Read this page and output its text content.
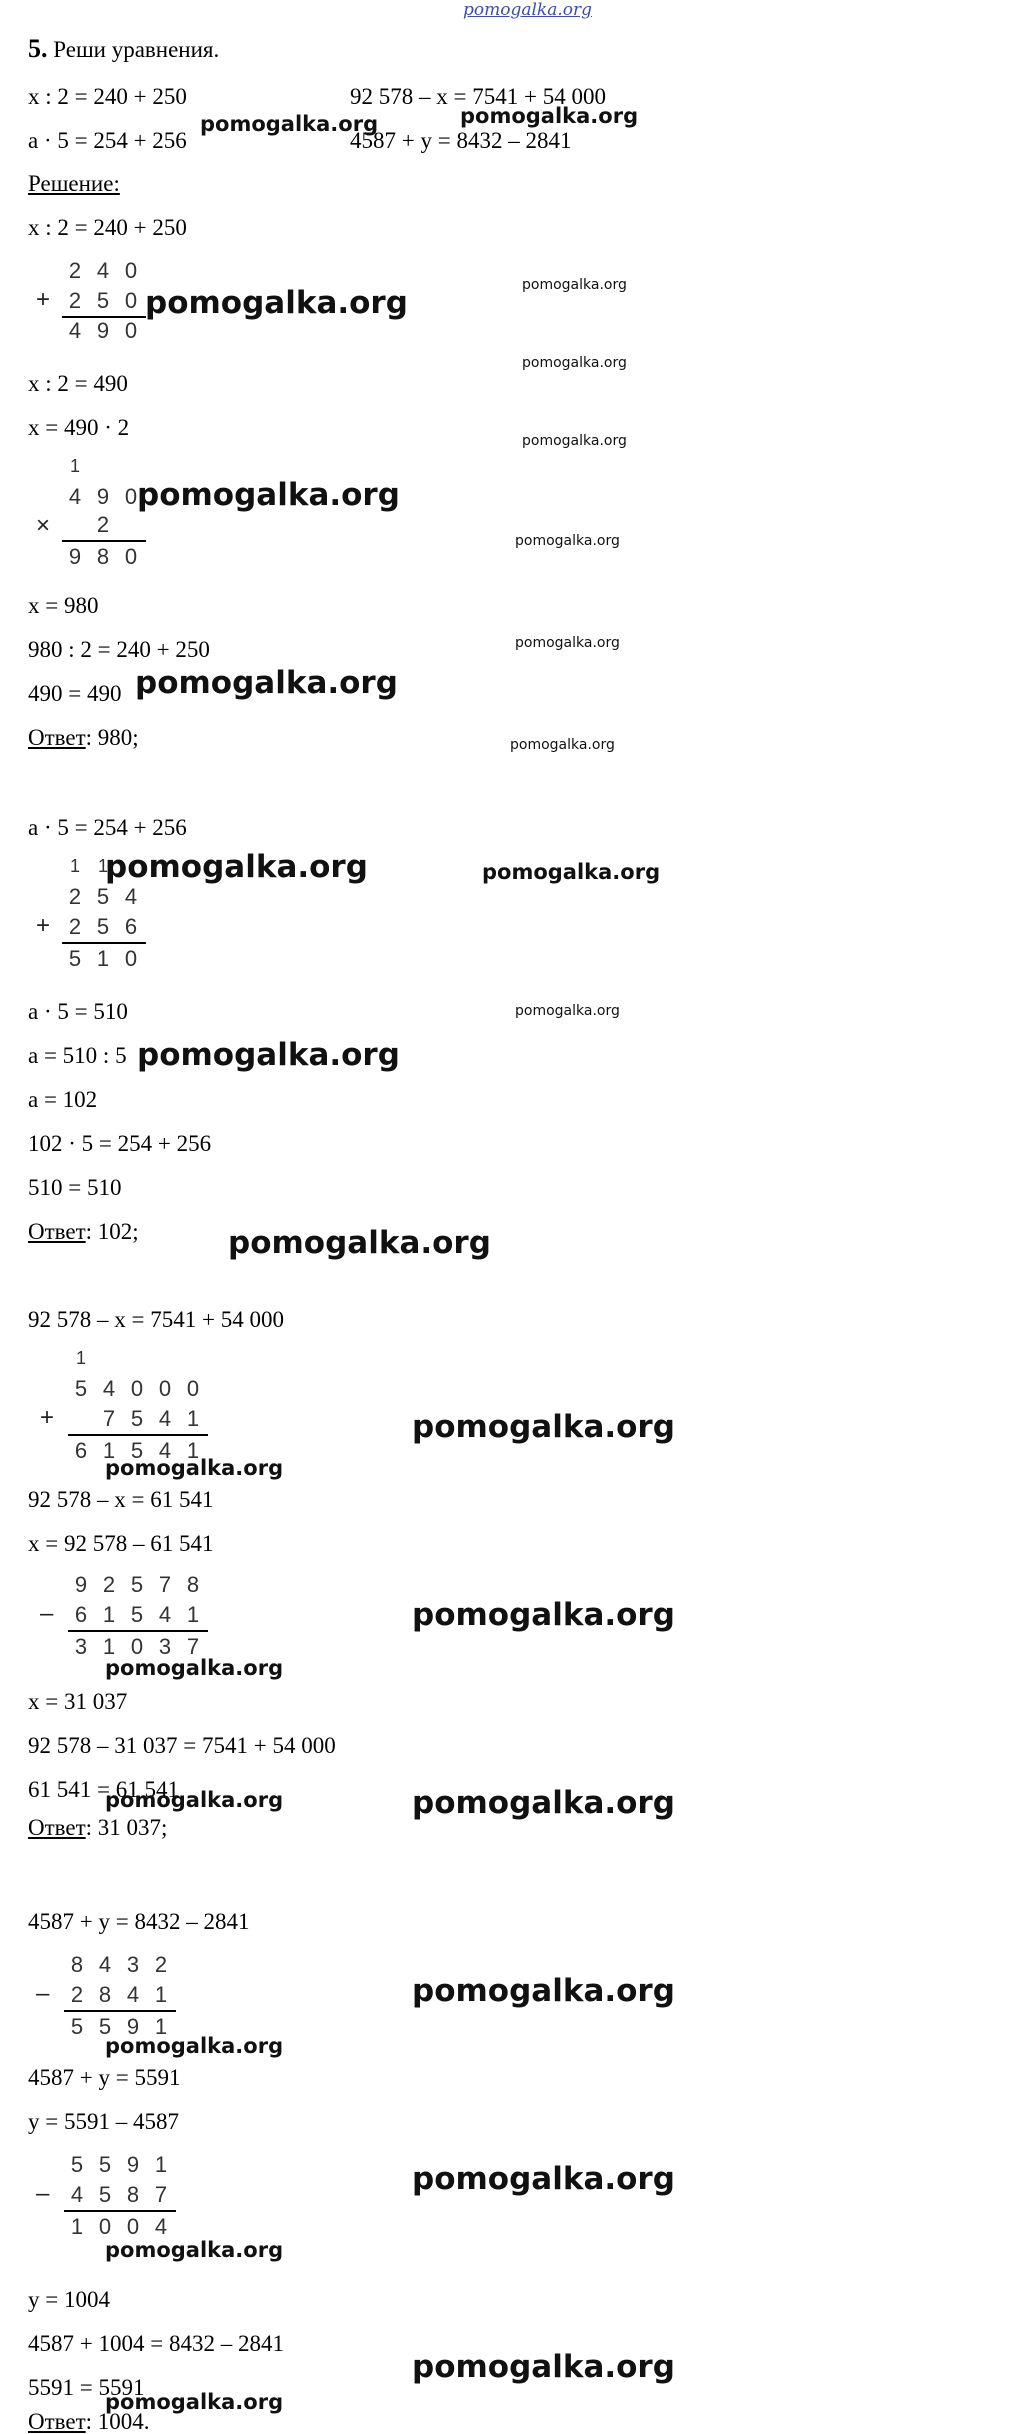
pomogalka.org
5. Реши уравнения.
x : 2 = 240 + 250	92 578 – x = 7541 + 54 000
a · 5 = 254 + 256	4587 + y = 8432 – 2841
pomogalka.org	pomogalka.org
Решение:
x : 2 = 240 + 250
+
2 4 0
2 5 0
4 9 0
pomogalka.org	pomogalka.org
x : 2 = 490
pomogalka.org
x = 490 · 2
pomogalka.org
1
4 9 0
× 2
9 8 0
pomogalka.org
pomogalka.org
x = 980
980 : 2 = 240 + 250	pomogalka.org
490 = 490 pomogalka.org
Ответ: 980;	pomogalka.org
a · 5 = 254 + 256
1 1
2 5 4
+ 2 5 6
5 1 0
pomogalka.org	pomogalka.org
a · 5 = 510	pomogalka.org
a = 510 : 5 pomogalka.org
a = 102
102 · 5 = 254 + 256
510 = 510
Ответ: 102;	pomogalka.org
92 578 – x = 7541 + 54 000
1
5 4 0 0 0
+ 7 5 4 1
6 1 5 4 1
pomogalka.org
pomogalka.org
92 578 – x = 61 541
x = 92 578 – 61 541
9 2 5 7 8
– 6 1 5 4 1
3 1 0 3 7
pomogalka.org
pomogalka.org
x = 31 037
92 578 – 31 037 = 7541 + 54 000
61 541 = 61 541
pomogalka.org	pomogalka.org
Ответ: 31 037;
4587 + y = 8432 – 2841
8 4 3 2
– 2 8 4 1
5 5 9 1
pomogalka.org
pomogalka.org
4587 + y = 5591
y = 5591 – 4587
5 5 9 1
– 4 5 8 7
1 0 0 4
pomogalka.org
pomogalka.org
y = 1004
4587 + 1004 = 8432 – 2841
5591 = 5591
pomogalka.org
pomogalka.org
Ответ: 1004.
